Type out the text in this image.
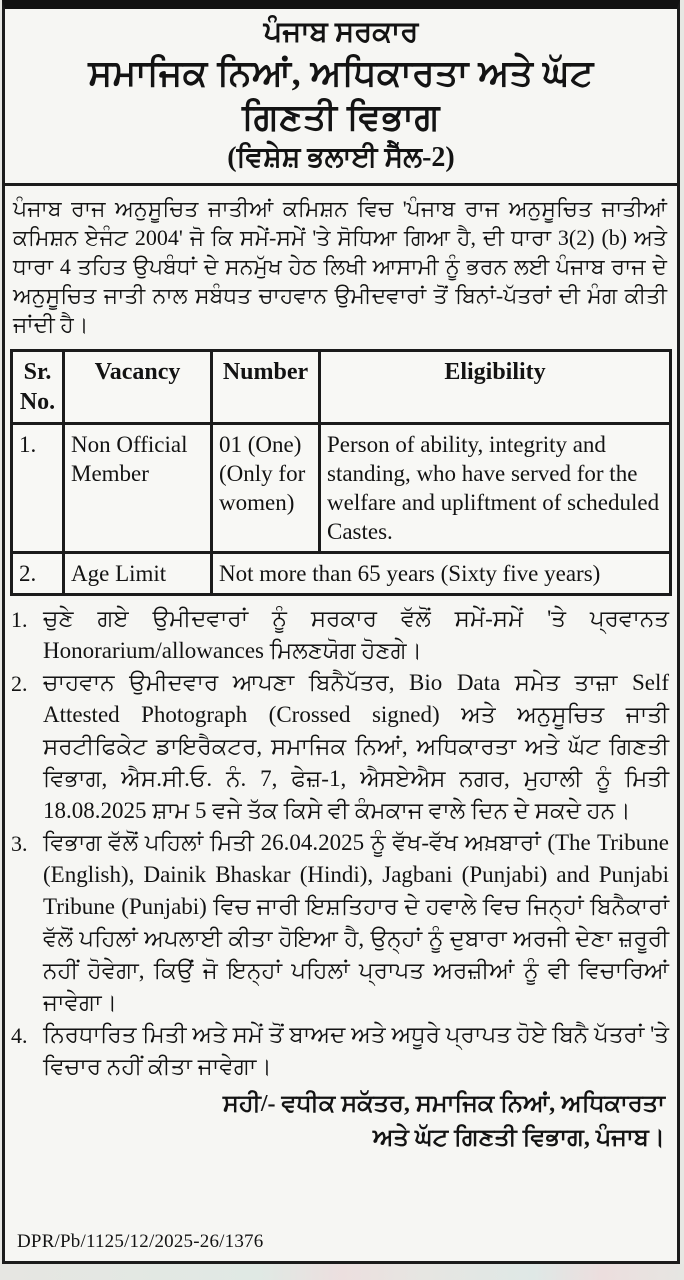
ਪੰਜਾਬ ਸਰਕਾਰ
ਸਮਾਜਿਕ ਨਿਆਂ, ਅਧਿਕਾਰਤਾ ਅਤੇ ਘੱਟ
ਗਿਣਤੀ ਵਿਭਾਗ
(ਵਿਸ਼ੇਸ਼ ਭਲਾਈ ਸੈੱਲ-2)

ਪੰਜਾਬ ਰਾਜ ਅਨੁਸੂਚਿਤ ਜਾਤੀਆਂ ਕਮਿਸ਼ਨ ਵਿਚ 'ਪੰਜਾਬ ਰਾਜ ਅਨੁਸੂਚਿਤ ਜਾਤੀਆਂ ਕਮਿਸ਼ਨ ਏਜੰਟ 2004' ਜੋ ਕਿ ਸਮੇਂ-ਸਮੇਂ 'ਤੇ ਸੋਧਿਆ ਗਿਆ ਹੈ, ਦੀ ਧਾਰਾ 3(2) (b) ਅਤੇ ਧਾਰਾ 4 ਤਹਿਤ ਉਪਬੰਧਾਂ ਦੇ ਸਨਮੁੱਖ ਹੇਠ ਲਿਖੀ ਆਸਾਮੀ ਨੂੰ ਭਰਨ ਲਈ ਪੰਜਾਬ ਰਾਜ ਦੇ ਅਨੁਸੂਚਿਤ ਜਾਤੀ ਨਾਲ ਸਬੰਧਤ ਚਾਹਵਾਨ ਉਮੀਦਵਾਰਾਂ ਤੋਂ ਬਿਨਾਂ-ਪੱਤਰਾਂ ਦੀ ਮੰਗ ਕੀਤੀ ਜਾਂਦੀ ਹੈ।

Sr. No.	Vacancy	Number	Eligibility
1.	Non Official Member	01 (One) (Only for women)	Person of ability, integrity and standing, who have served for the welfare and upliftment of scheduled Castes.
2.	Age Limit	Not more than 65 years (Sixty five years)	
1. ਚੁਣੇ ਗਏ ਉਮੀਦਵਾਰਾਂ ਨੂੰ ਸਰਕਾਰ ਵੱਲੋਂ ਸਮੇਂ-ਸਮੇਂ 'ਤੇ ਪ੍ਰਵਾਨਤ Honorarium/allowances ਮਿਲਣਯੋਗ ਹੋਣਗੇ।
2. ਚਾਹਵਾਨ ਉਮੀਦਵਾਰ ਆਪਣਾ ਬਿਨੈਪੱਤਰ, Bio Data ਸਮੇਤ ਤਾਜ਼ਾ Self Attested Photograph (Crossed signed) ਅਤੇ ਅਨੁਸੂਚਿਤ ਜਾਤੀ ਸਰਟੀਫਿਕੇਟ ਡਾਇਰੈਕਟਰ, ਸਮਾਜਿਕ ਨਿਆਂ, ਅਧਿਕਾਰਤਾ ਅਤੇ ਘੱਟ ਗਿਣਤੀ ਵਿਭਾਗ, ਐਸ.ਸੀ.ਓ. ਨੰ. 7, ਫੇਜ਼-1, ਐਸਏਐਸ ਨਗਰ, ਮੁਹਾਲੀ ਨੂੰ ਮਿਤੀ 18.08.2025 ਸ਼ਾਮ 5 ਵਜੇ ਤੱਕ ਕਿਸੇ ਵੀ ਕੰਮਕਾਜ ਵਾਲੇ ਦਿਨ ਦੇ ਸਕਦੇ ਹਨ।
3. ਵਿਭਾਗ ਵੱਲੋਂ ਪਹਿਲਾਂ ਮਿਤੀ 26.04.2025 ਨੂੰ ਵੱਖ-ਵੱਖ ਅਖ਼ਬਾਰਾਂ (The Tribune (English), Dainik Bhaskar (Hindi), Jagbani (Punjabi) and Punjabi Tribune (Punjabi) ਵਿਚ ਜਾਰੀ ਇਸ਼ਤਿਹਾਰ ਦੇ ਹਵਾਲੇ ਵਿਚ ਜਿਨ੍ਹਾਂ ਬਿਨੈਕਾਰਾਂ ਵੱਲੋਂ ਪਹਿਲਾਂ ਅਪਲਾਈ ਕੀਤਾ ਹੋਇਆ ਹੈ, ਉਨ੍ਹਾਂ ਨੂੰ ਦੁਬਾਰਾ ਅਰਜੀ ਦੇਣਾ ਜ਼ਰੂਰੀ ਨਹੀਂ ਹੋਵੇਗਾ, ਕਿਉਂ ਜੋ ਇਨ੍ਹਾਂ ਪਹਿਲਾਂ ਪ੍ਰਾਪਤ ਅਰਜ਼ੀਆਂ ਨੂੰ ਵੀ ਵਿਚਾਰਿਆਂ ਜਾਵੇਗਾ।
4. ਨਿਰਧਾਰਿਤ ਮਿਤੀ ਅਤੇ ਸਮੇਂ ਤੋਂ ਬਾਅਦ ਅਤੇ ਅਧੂਰੇ ਪ੍ਰਾਪਤ ਹੋਏ ਬਿਨੈ ਪੱਤਰਾਂ 'ਤੇ ਵਿਚਾਰ ਨਹੀਂ ਕੀਤਾ ਜਾਵੇਗਾ।
ਸਹੀ/- ਵਧੀਕ ਸਕੱਤਰ, ਸਮਾਜਿਕ ਨਿਆਂ, ਅਧਿਕਾਰਤਾ
ਅਤੇ ਘੱਟ ਗਿਣਤੀ ਵਿਭਾਗ, ਪੰਜਾਬ।
DPR/Pb/1125/12/2025-26/1376
